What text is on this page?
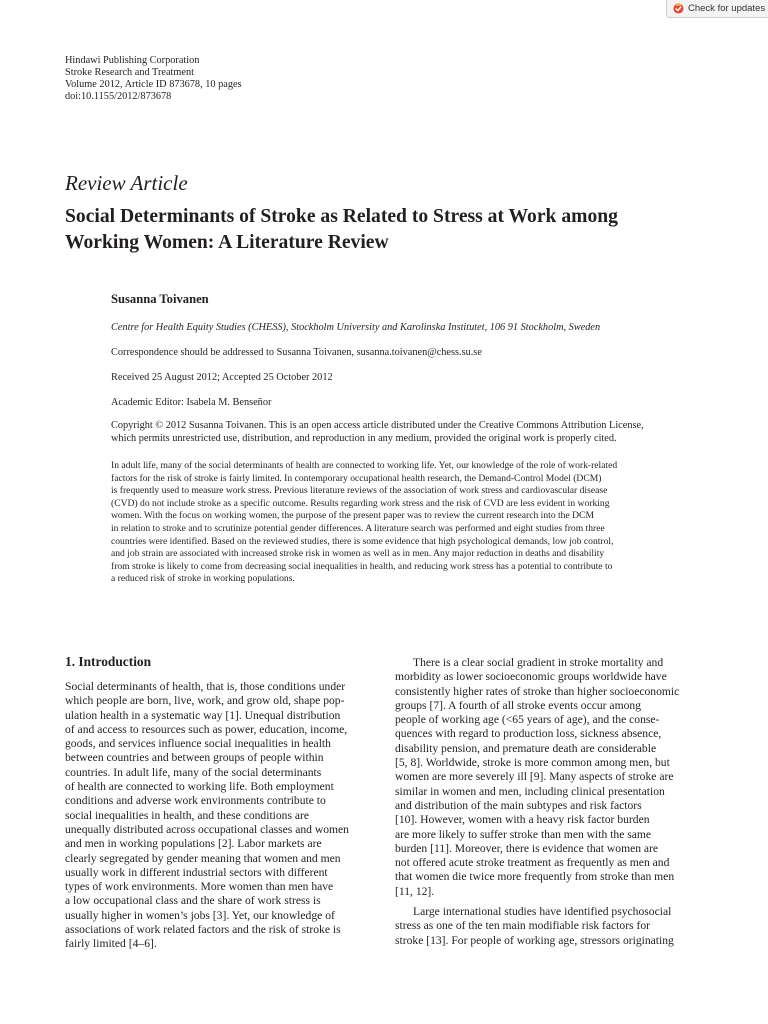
Check for updates
Hindawi Publishing Corporation
Stroke Research and Treatment
Volume 2012, Article ID 873678, 10 pages
doi:10.1155/2012/873678
Review Article
Social Determinants of Stroke as Related to Stress at Work among
Working Women: A Literature Review
Susanna Toivanen
Centre for Health Equity Studies (CHESS), Stockholm University and Karolinska Institutet, 106 91 Stockholm, Sweden
Correspondence should be addressed to Susanna Toivanen, susanna.toivanen@chess.su.se
Received 25 August 2012; Accepted 25 October 2012
Academic Editor: Isabela M. Benseñor
Copyright © 2012 Susanna Toivanen. This is an open access article distributed under the Creative Commons Attribution License,
which permits unrestricted use, distribution, and reproduction in any medium, provided the original work is properly cited.
In adult life, many of the social determinants of health are connected to working life. Yet, our knowledge of the role of work-related
factors for the risk of stroke is fairly limited. In contemporary occupational health research, the Demand-Control Model (DCM)
is frequently used to measure work stress. Previous literature reviews of the association of work stress and cardiovascular disease
(CVD) do not include stroke as a specific outcome. Results regarding work stress and the risk of CVD are less evident in working
women. With the focus on working women, the purpose of the present paper was to review the current research into the DCM
in relation to stroke and to scrutinize potential gender differences. A literature search was performed and eight studies from three
countries were identified. Based on the reviewed studies, there is some evidence that high psychological demands, low job control,
and job strain are associated with increased stroke risk in women as well as in men. Any major reduction in deaths and disability
from stroke is likely to come from decreasing social inequalities in health, and reducing work stress has a potential to contribute to
a reduced risk of stroke in working populations.
1. Introduction
Social determinants of health, that is, those conditions under
which people are born, live, work, and grow old, shape pop-
ulation health in a systematic way [1]. Unequal distribution
of and access to resources such as power, education, income,
goods, and services influence social inequalities in health
between countries and between groups of people within
countries. In adult life, many of the social determinants
of health are connected to working life. Both employment
conditions and adverse work environments contribute to
social inequalities in health, and these conditions are
unequally distributed across occupational classes and women
and men in working populations [2]. Labor markets are
clearly segregated by gender meaning that women and men
usually work in different industrial sectors with different
types of work environments. More women than men have
a low occupational class and the share of work stress is
usually higher in women’s jobs [3]. Yet, our knowledge of
associations of work related factors and the risk of stroke is
fairly limited [4–6].
There is a clear social gradient in stroke mortality and
morbidity as lower socioeconomic groups worldwide have
consistently higher rates of stroke than higher socioeconomic
groups [7]. A fourth of all stroke events occur among
people of working age (<65 years of age), and the conse-
quences with regard to production loss, sickness absence,
disability pension, and premature death are considerable
[5, 8]. Worldwide, stroke is more common among men, but
women are more severely ill [9]. Many aspects of stroke are
similar in women and men, including clinical presentation
and distribution of the main subtypes and risk factors
[10]. However, women with a heavy risk factor burden
are more likely to suffer stroke than men with the same
burden [11]. Moreover, there is evidence that women are
not offered acute stroke treatment as frequently as men and
that women die twice more frequently from stroke than men
[11, 12].
Large international studies have identified psychosocial
stress as one of the ten main modifiable risk factors for
stroke [13]. For people of working age, stressors originating
